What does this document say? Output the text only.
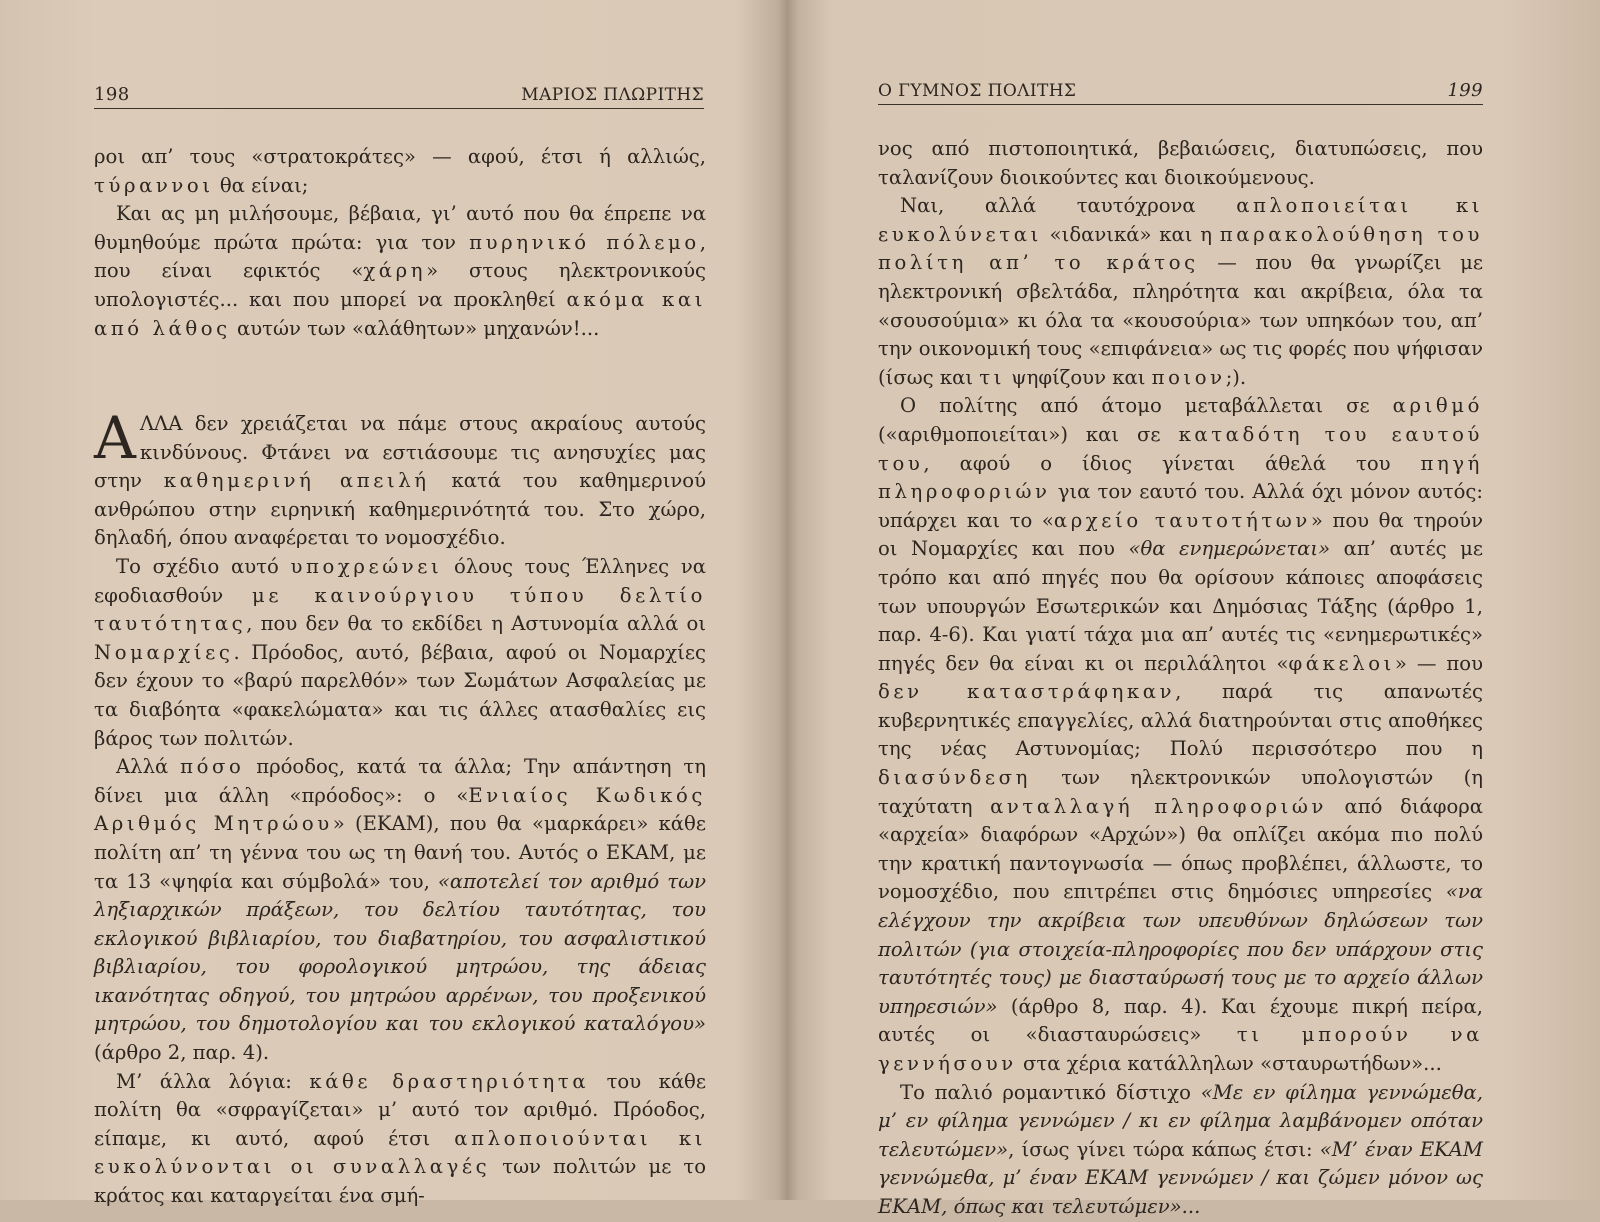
198	ΜΑΡΙΟΣ ΠΛΩΡΙΤΗΣ

ροι απ’ τους «στρατοκράτες» — αφού, έτσι ή αλλιώς, τύραννοι θα είναι;

Και ας μη μιλήσουμε, βέβαια, γι’ αυτό που θα έπρεπε να θυμηθούμε πρώτα πρώτα: για τον πυρηνικό πόλεμο, που είναι εφικτός «χάρη» στους ηλεκτρονικούς υπολογιστές... και που μπορεί να προκληθεί ακόμα και από λάθος αυτών των «αλάθητων» μηχανών!...

Α ΛΛΑ δεν χρειάζεται να πάμε στους ακραίους αυτούς κινδύνους. Φτάνει να εστιάσουμε τις ανησυχίες μας στην καθημερινή απειλή κατά του καθημερινού ανθρώπου στην ειρηνική καθημερινότητά του. Στο χώρο, δηλαδή, όπου αναφέρεται το νομοσχέδιο.

Το σχέδιο αυτό υποχρεώνει όλους τους Έλληνες να εφοδιασθούν με καινούργιου τύπου δελτίο ταυτότητας, που δεν θα το εκδίδει η Αστυνομία αλλά οι Νομαρχίες. Πρόοδος, αυτό, βέβαια, αφού οι Νομαρχίες δεν έχουν το «βαρύ παρελθόν» των Σωμάτων Ασφαλείας με τα διαβόητα «φακελώματα» και τις άλλες ατασθαλίες εις βάρος των πολιτών.

Αλλά πόσο πρόοδος, κατά τα άλλα; Την απάντηση τη δίνει μια άλλη «πρόοδος»: ο «Ενιαίος Κωδικός Αριθμός Μητρώου» (ΕΚΑΜ), που θα «μαρκάρει» κάθε πολίτη απ’ τη γέννα του ως τη θανή του. Αυτός ο ΕΚΑΜ, με τα 13 «ψηφία και σύμβολά» του, «αποτελεί τον αριθμό των ληξιαρχικών πράξεων, του δελτίου ταυτότητας, του εκλογικού βιβλιαρίου, του διαβατηρίου, του ασφαλιστικού βιβλιαρίου, του φορολογικού μητρώου, της άδειας ικανότητας οδηγού, του μητρώου αρρένων, του προξενικού μητρώου, του δημοτολογίου και του εκλογικού καταλόγου» (άρθρο 2, παρ. 4).

Μ’ άλλα λόγια: κάθε δραστηριότητα του κάθε πολίτη θα «σφραγίζεται» μ’ αυτό τον αριθμό. Πρόοδος, είπαμε, κι αυτό, αφού έτσι απλοποιούνται κι ευκολύνονται οι συναλλαγές των πολιτών με το κράτος και καταργείται ένα σμή-

Ο ΓΥΜΝΟΣ ΠΟΛΙΤΗΣ	199

νος από πιστοποιητικά, βεβαιώσεις, διατυπώσεις, που ταλανίζουν διοικούντες και διοικούμενους.

Ναι, αλλά ταυτόχρονα απλοποιείται κι ευκολύνεται «ιδανικά» και η παρακολούθηση του πολίτη απ’ το κράτος — που θα γνωρίζει με ηλεκτρονική σβελτάδα, πληρότητα και ακρίβεια, όλα τα «σουσούμια» κι όλα τα «κουσούρια» των υπηκόων του, απ’ την οικονομική τους «επιφάνεια» ως τις φορές που ψήφισαν (ίσως και τι ψηφίζουν και ποιον;).

Ο πολίτης από άτομο μεταβάλλεται σε αριθμό («αριθμοποιείται») και σε καταδότη του εαυτού του, αφού ο ίδιος γίνεται άθελά του πηγή πληροφοριών για τον εαυτό του. Αλλά όχι μόνον αυτός: υπάρχει και το «αρχείο ταυτοτήτων» που θα τηρούν οι Νομαρχίες και που «θα ενημερώνεται» απ’ αυτές με τρόπο και από πηγές που θα ορίσουν κάποιες αποφάσεις των υπουργών Εσωτερικών και Δημόσιας Τάξης (άρθρο 1, παρ. 4-6). Και γιατί τάχα μια απ’ αυτές τις «ενημερωτικές» πηγές δεν θα είναι κι οι περιλάλητοι «φάκελοι» — που δεν καταστράφηκαν, παρά τις απανωτές κυβερνητικές επαγγελίες, αλλά διατηρούνται στις αποθήκες της νέας Αστυνομίας; Πολύ περισσότερο που η διασύνδεση των ηλεκτρονικών υπολογιστών (η ταχύτατη ανταλλαγή πληροφοριών από διάφορα «αρχεία» διαφόρων «Αρχών») θα οπλίζει ακόμα πιο πολύ την κρατική παντογνωσία — όπως προβλέπει, άλλωστε, το νομοσχέδιο, που επιτρέπει στις δημόσιες υπηρεσίες «να ελέγχουν την ακρίβεια των υπευθύνων δηλώσεων των πολιτών (για στοιχεία-πληροφορίες που δεν υπάρχουν στις ταυτότητές τους) με διασταύρωσή τους με το αρχείο άλλων υπηρεσιών» (άρθρο 8, παρ. 4). Και έχουμε πικρή πείρα, αυτές οι «διασταυρώσεις» τι μπορούν να γεννήσουν στα χέρια κατάλληλων «σταυρωτήδων»...

Το παλιό ρομαντικό δίστιχο «Με εν φίλημα γεννώμεθα, μ’ εν φίλημα γεννώμεν / κι εν φίλημα λαμβάνομεν οπόταν τελευτώμεν», ίσως γίνει τώρα κάπως έτσι: «Μ’ έναν ΕΚΑΜ γεννώμεθα, μ’ έναν ΕΚΑΜ γεννώμεν / και ζώμεν μόνον ως ΕΚΑΜ, όπως και τελευτώμεν»...
